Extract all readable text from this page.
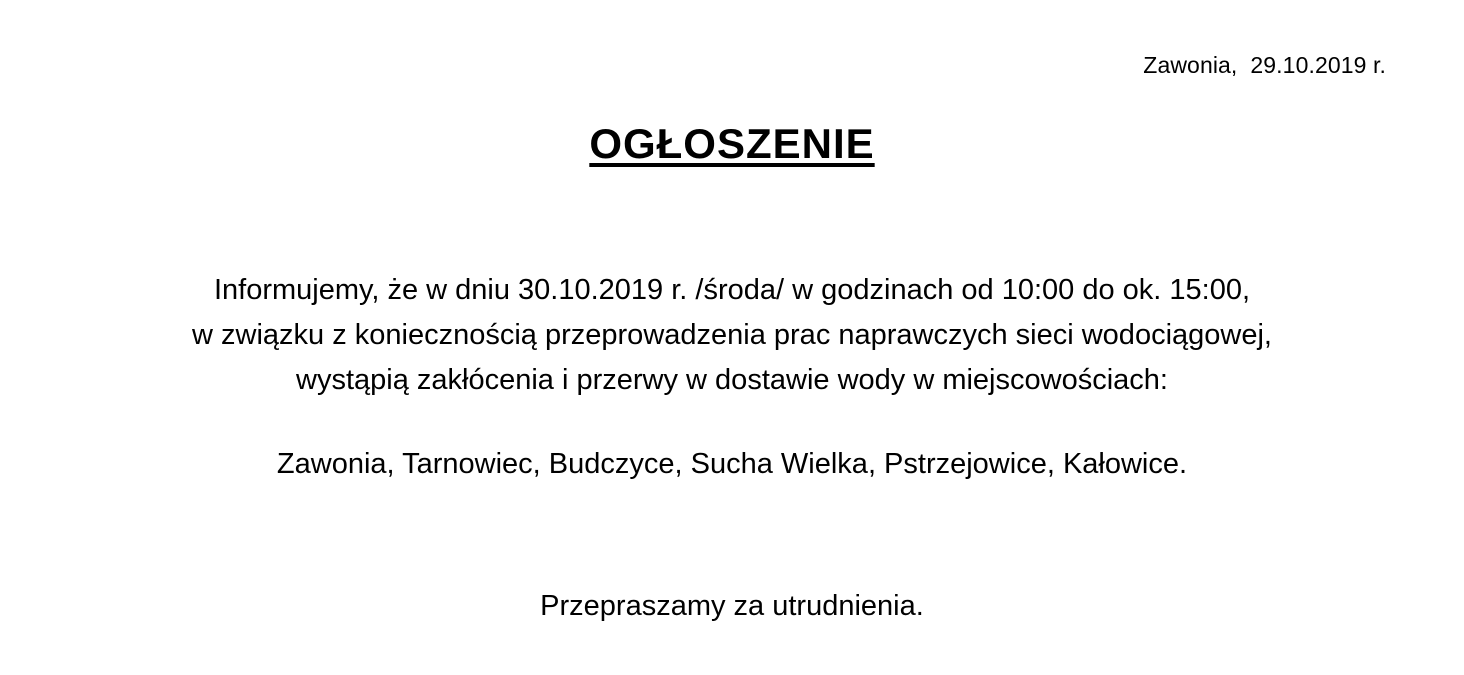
Zawonia,  29.10.2019 r.
OGŁOSZENIE

Informujemy, że w dniu 30.10.2019 r. /środa/ w godzinach od 10:00 do ok. 15:00,

w związku z koniecznością przeprowadzenia prac naprawczych sieci wodociągowej,

wystąpią zakłócenia i przerwy w dostawie wody w miejscowościach:

Zawonia, Tarnowiec, Budczyce, Sucha Wielka, Pstrzejowice, Kałowice.
Przepraszamy za utrudnienia.
